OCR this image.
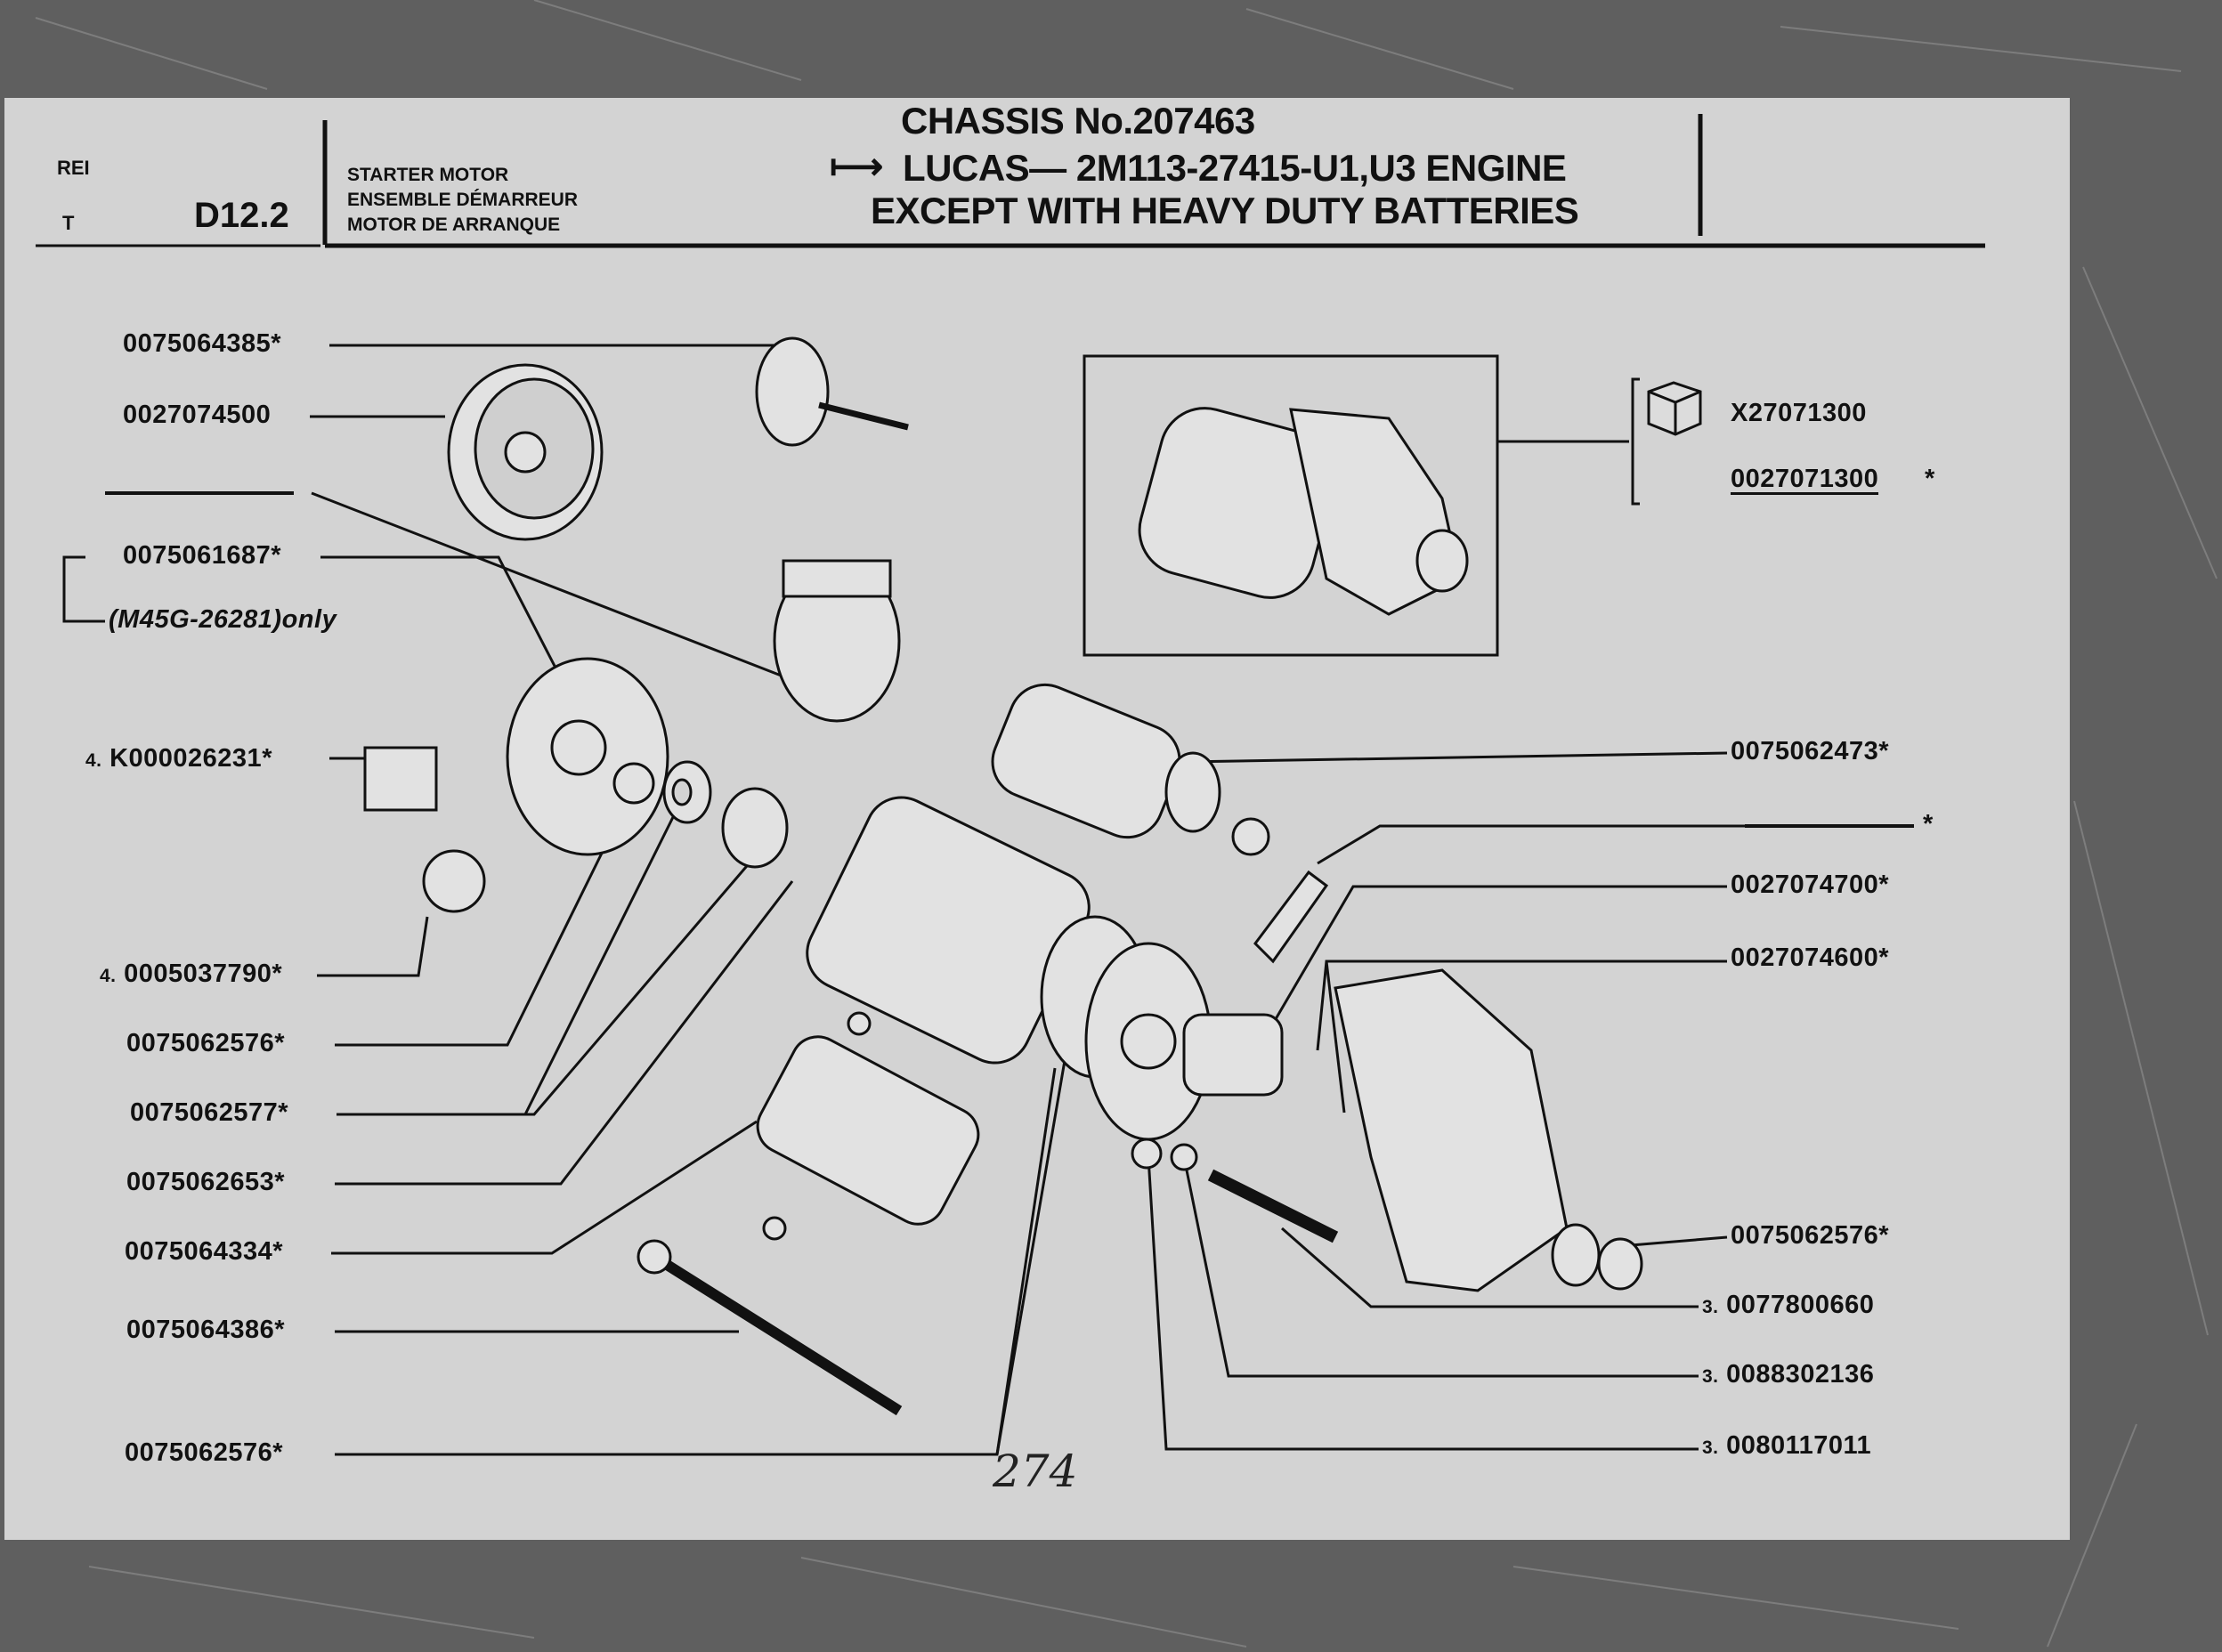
REI
T	D12.2
STARTER MOTOR
ENSEMBLE DÉMARREUR
MOTOR DE ARRANQUE
CHASSIS No.207463
⟼ LUCAS— 2M113-27415-U1,U3 ENGINE
EXCEPT WITH HEAVY DUTY BATTERIES
0075064385*
0027074500
0075061687*
(M45G-26281)only
4. K000026231*
4. 0005037790*
0075062576*
0075062577*
0075062653*
0075064334*
0075064386*
0075062576*
0075062473*
*
0027074700*
0027074600*
0075062576*
3. 0077800660
3. 0088302136
3. 0080117011
X27071300
0027071300 *
274
